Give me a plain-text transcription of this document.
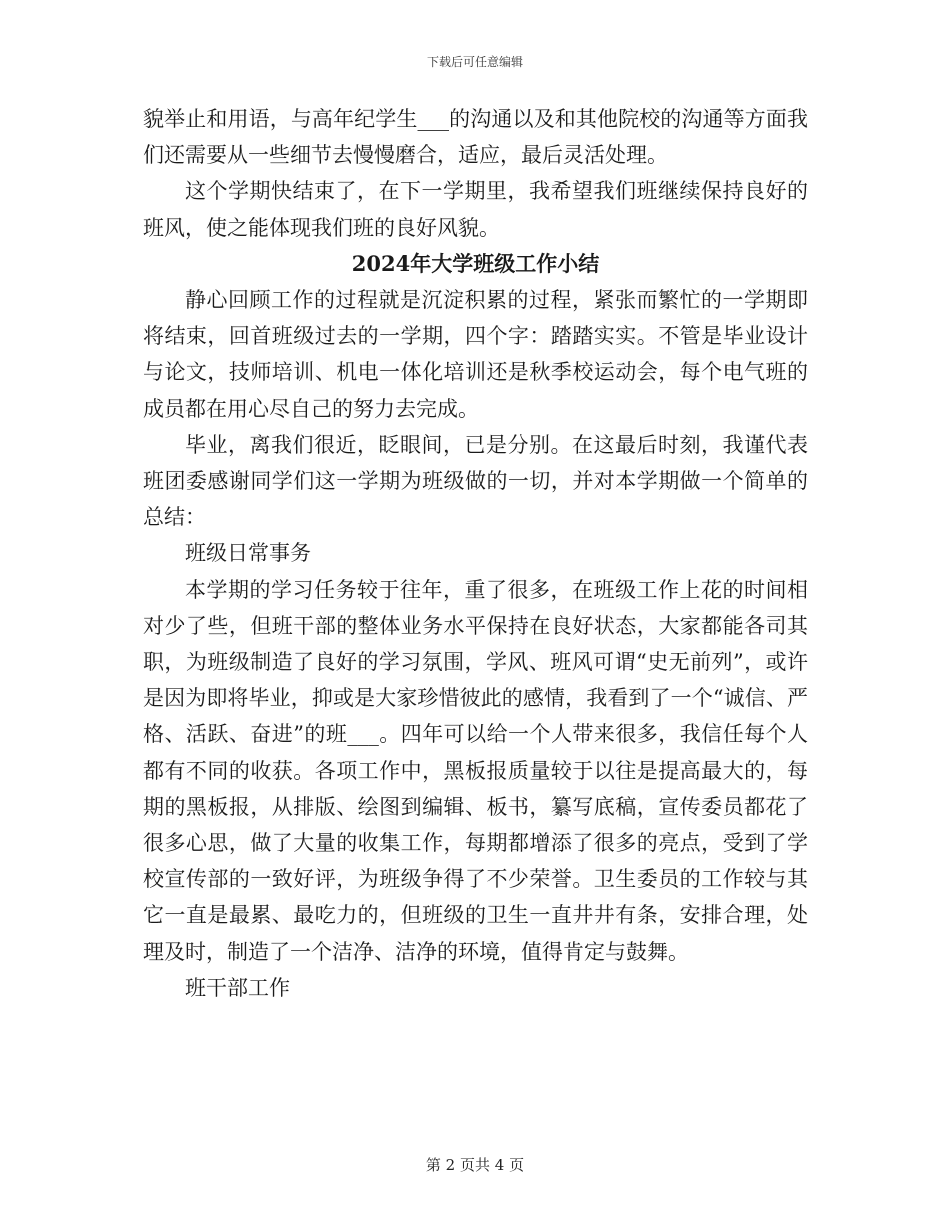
下载后可任意编辑

貌举止和用语，与高年纪学生___的沟通以及和其他院校的沟通等方面我们还需要从一些细节去慢慢磨合，适应，最后灵活处理。

这个学期快结束了，在下一学期里，我希望我们班继续保持良好的班风，使之能体现我们班的良好风貌。

2024年大学班级工作小结

静心回顾工作的过程就是沉淀积累的过程，紧张而繁忙的一学期即将结束，回首班级过去的一学期，四个字：踏踏实实。不管是毕业设计与论文，技师培训、机电一体化培训还是秋季校运动会，每个电气班的成员都在用心尽自己的努力去完成。

毕业，离我们很近，眨眼间，已是分别。在这最后时刻，我谨代表班团委感谢同学们这一学期为班级做的一切，并对本学期做一个简单的总结：

班级日常事务

本学期的学习任务较于往年，重了很多，在班级工作上花的时间相对少了些，但班干部的整体业务水平保持在良好状态，大家都能各司其职，为班级制造了良好的学习氛围，学风、班风可谓“史无前列”，或许是因为即将毕业，抑或是大家珍惜彼此的感情，我看到了一个“诚信、严格、活跃、奋进”的班___。四年可以给一个人带来很多，我信任每个人都有不同的收获。各项工作中，黑板报质量较于以往是提高最大的，每期的黑板报，从排版、绘图到编辑、板书，纂写底稿，宣传委员都花了很多心思，做了大量的收集工作，每期都增添了很多的亮点，受到了学校宣传部的一致好评，为班级争得了不少荣誉。卫生委员的工作较与其它一直是最累、最吃力的，但班级的卫生一直井井有条，安排合理，处理及时，制造了一个洁净、洁净的环境，值得肯定与鼓舞。

班干部工作

第 2 页共 4 页
